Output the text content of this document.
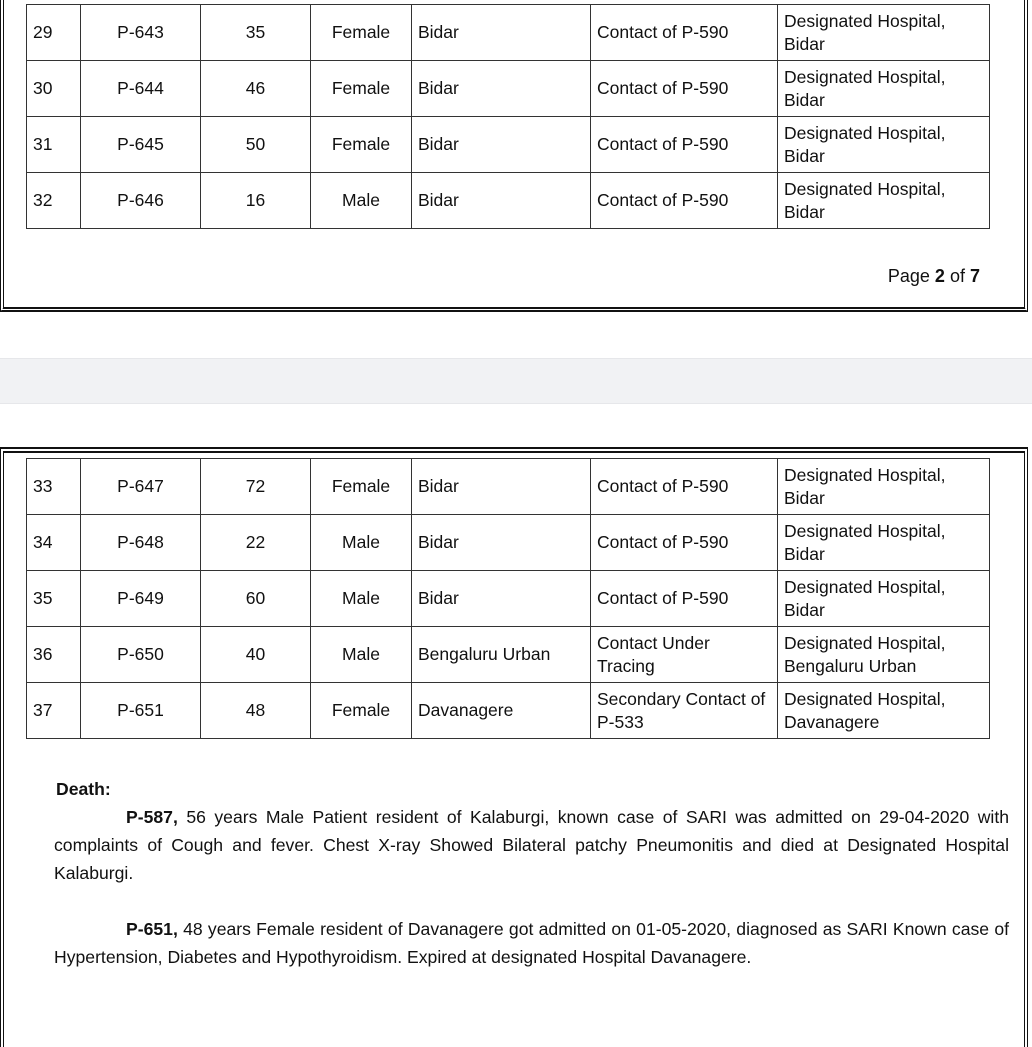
29	P-643	35	Female	Bidar	Contact of P-590	Designated Hospital, Bidar
30	P-644	46	Female	Bidar	Contact of P-590	Designated Hospital, Bidar
31	P-645	50	Female	Bidar	Contact of P-590	Designated Hospital, Bidar
32	P-646	16	Male	Bidar	Contact of P-590	Designated Hospital, Bidar
Page 2 of 7
33	P-647	72	Female	Bidar	Contact of P-590	Designated Hospital, Bidar
34	P-648	22	Male	Bidar	Contact of P-590	Designated Hospital, Bidar
35	P-649	60	Male	Bidar	Contact of P-590	Designated Hospital, Bidar
36	P-650	40	Male	Bengaluru Urban	Contact Under Tracing	Designated Hospital, Bengaluru Urban
37	P-651	48	Female	Davanagere	Secondary Contact of P-533	Designated Hospital, Davanagere
Death:

P-587, 56 years Male Patient resident of Kalaburgi, known case of SARI was admitted on 29-04-2020 with complaints of Cough and fever. Chest X-ray Showed Bilateral patchy Pneumonitis and died at Designated Hospital Kalaburgi.

P-651, 48 years Female resident of Davanagere got admitted on 01-05-2020, diagnosed as SARI Known case of Hypertension, Diabetes and Hypothyroidism. Expired at designated Hospital Davanagere.
